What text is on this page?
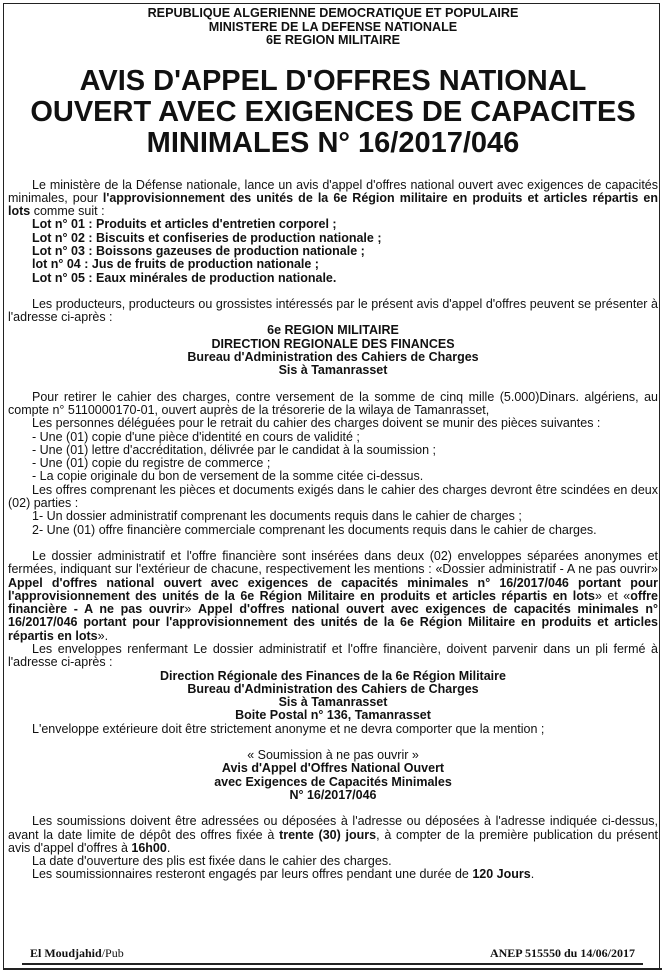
REPUBLIQUE ALGERIENNE DEMOCRATIQUE ET POPULAIRE
MINISTERE DE LA DEFENSE NATIONALE
6E REGION MILITAIRE
AVIS D'APPEL D'OFFRES NATIONAL
OUVERT AVEC EXIGENCES DE CAPACITES
MINIMALES N° 16/2017/046

Le ministère de la Défense nationale, lance un avis d'appel d'offres national ouvert avec exigences de capacités minimales, pour l'approvisionnement des unités de la 6e Région militaire en produits et articles répartis en lots comme suit :

Lot n° 01 : Produits et articles d'entretien corporel ;
Lot n° 02 : Biscuits et confiseries de production nationale ;
Lot n° 03 : Boissons gazeuses de production nationale ;
lot n° 04 : Jus de fruits de production nationale ;
Lot n° 05 : Eaux minérales de production nationale.

Les producteurs, producteurs ou grossistes intéressés par le présent avis d'appel d'offres peuvent se présenter à l'adresse ci-après :

6e REGION MILITAIRE
DIRECTION REGIONALE DES FINANCES
Bureau d'Administration des Cahiers de Charges
Sis à Tamanrasset

Pour retirer le cahier des charges, contre versement de la somme de cinq mille (5.000)Dinars. algériens, au compte n° 5110000170-01, ouvert auprès de la trésorerie de la wilaya de Tamanrasset,

Les personnes déléguées pour le retrait du cahier des charges doivent se munir des pièces suivantes :

- Une (01) copie d'une pièce d'identité en cours de validité ;

- Une (01) lettre d'accréditation, délivrée par le candidat à la soumission ;

- Une (01) copie du registre de commerce ;

- La copie originale du bon de versement de la somme citée ci-dessus.

Les offres comprenant les pièces et documents exigés dans le cahier des charges devront être scindées en deux (02) parties :

1- Un dossier administratif comprenant les documents requis dans le cahier de charges ;

2- Une (01) offre financière commerciale comprenant les documents requis dans le cahier de charges.

Le dossier administratif et l'offre financière sont insérées dans deux (02) enveloppes séparées anonymes et fermées, indiquant sur l'extérieur de chacune, respectivement les mentions : «Dossier administratif - A ne pas ouvrir» Appel d'offres national ouvert avec exigences de capacités minimales n° 16/2017/046 portant pour l'approvisionnement des unités de la 6e Région Militaire en produits et articles répartis en lots» et «offre financière - A ne pas ouvrir» Appel d'offres national ouvert avec exigences de capacités minimales n° 16/2017/046 portant pour l'approvisionnement des unités de la 6e Région Militaire en produits et articles répartis en lots».

Les enveloppes renfermant Le dossier administratif et l'offre financière, doivent parvenir dans un pli fermé à l'adresse ci-après :

Direction Régionale des Finances de la 6e Région Militaire
Bureau d'Administration des Cahiers de Charges
Sis à Tamanrasset
Boite Postal n° 136, Tamanrasset

L'enveloppe extérieure doit être strictement anonyme et ne devra comporter que la mention ;

« Soumission à ne pas ouvrir »
Avis d'Appel d'Offres National Ouvert
avec Exigences de Capacités Minimales
N° 16/2017/046

Les soumissions doivent être adressées ou déposées à l'adresse ou déposées à l'adresse indiquée ci-dessus, avant la date limite de dépôt des offres fixée à trente (30) jours, à compter de la première publication du présent avis d'appel d'offres à 16h00.

La date d'ouverture des plis est fixée dans le cahier des charges.

Les soumissionnaires resteront engagés par leurs offres pendant une durée de 120 Jours.

El Moudjahid/Pub	ANEP 515550 du 14/06/2017
